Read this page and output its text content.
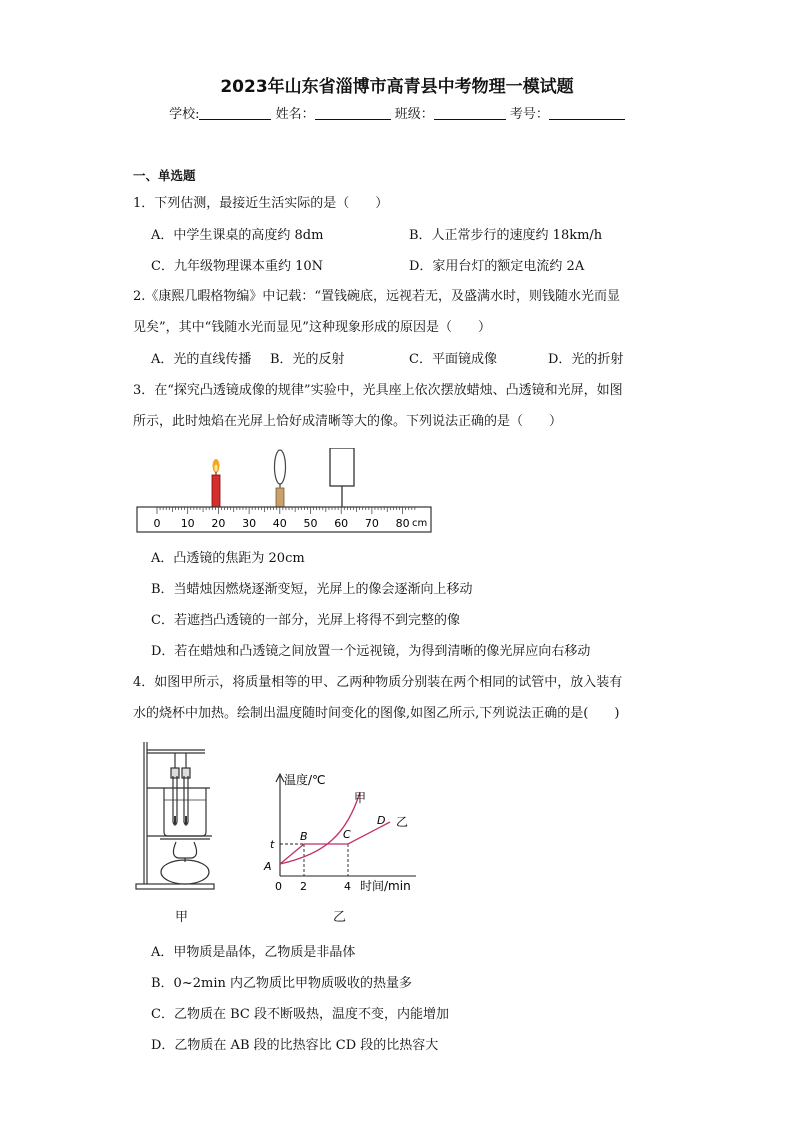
2023年山东省淄博市高青县中考物理一模试题
学校:	姓名：	班级：	考号：
一、单选题
1．下列估测，最接近生活实际的是（　　）
A．中学生课桌的高度约 8dm	B．人正常步行的速度约 18km/h
C．九年级物理课本重约 10N	D．家用台灯的额定电流约 2A
2.《康熙几暇格物编》中记载：“置钱碗底，远视若无，及盛满水时，则钱随水光而显
见矣”，其中“钱随水光而显见”这种现象形成的原因是（　　）
A．光的直线传播 B．光的反射	C．平面镜成像	D．光的折射
3．在“探究凸透镜成像的规律”实验中，光具座上依次摆放蜡烛、凸透镜和光屏，如图
所示，此时烛焰在光屏上恰好成清晰等大的像。下列说法正确的是（　　）
0 10 20 30 40 50 60 70 80 cm
A．凸透镜的焦距为 20cm
B．当蜡烛因燃烧逐渐变短，光屏上的像会逐渐向上移动
C．若遮挡凸透镜的一部分，光屏上将得不到完整的像
D．若在蜡烛和凸透镜之间放置一个远视镜，为得到清晰的像光屏应向右移动
4．如图甲所示，将质量相等的甲、乙两种物质分别装在两个相同的试管中，放入装有
水的烧杯中加热。绘制出温度随时间变化的图像,如图乙所示,下列说法正确的是(　　)
甲
温度/℃
时间/min
t
A
0 2	4
B	C
D
甲
乙
乙
A．甲物质是晶体，乙物质是非晶体
B．0~2min 内乙物质比甲物质吸收的热量多
C．乙物质在 BC 段不断吸热，温度不变，内能增加
D．乙物质在 AB 段的比热容比 CD 段的比热容大
